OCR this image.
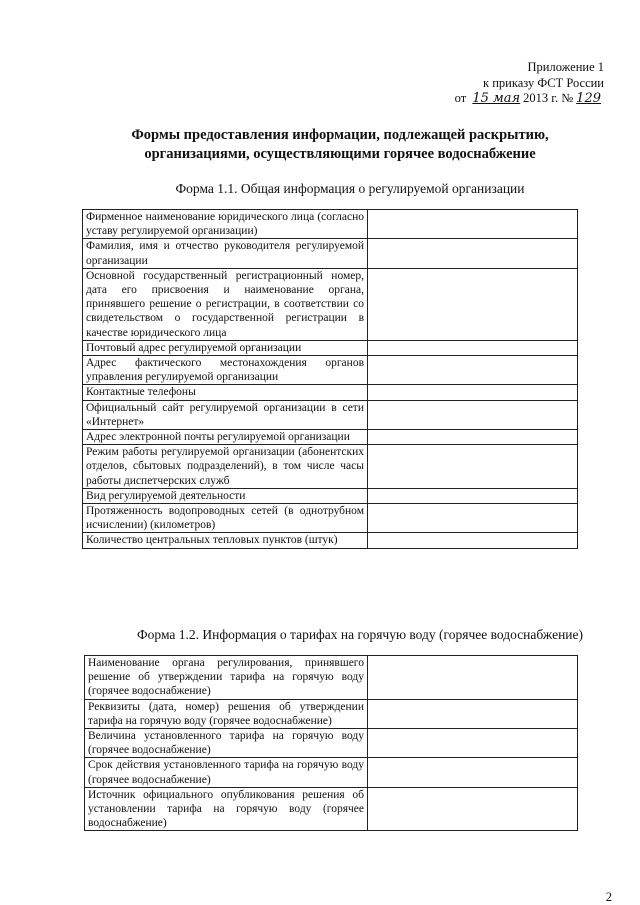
Приложение 1
к приказу ФСТ России
от 15 мая 2013 г. № 129
Формы предоставления информации, подлежащей раскрытию, организациями, осуществляющими горячее водоснабжение
Форма 1.1. Общая информация о регулируемой организации
Фирменное наименование юридического лица (согласно уставу регулируемой организации)	
Фамилия, имя и отчество руководителя регулируемой организации	
Основной государственный регистрационный номер, дата его присвоения и наименование органа, принявшего решение о регистрации, в соответствии со свидетельством о государственной регистрации в качестве юридического лица	
Почтовый адрес регулируемой организации	
Адрес фактического местонахождения органов управления регулируемой организации	
Контактные телефоны	
Официальный сайт регулируемой организации в сети «Интернет»	
Адрес электронной почты регулируемой организации	
Режим работы регулируемой организации (абонентских отделов, сбытовых подразделений), в том числе часы работы диспетчерских служб	
Вид регулируемой деятельности	
Протяженность водопроводных сетей (в однотрубном исчислении) (километров)	
Количество центральных тепловых пунктов (штук)	
Форма 1.2. Информация о тарифах на горячую воду (горячее водоснабжение)
Наименование органа регулирования, принявшего решение об утверждении тарифа на горячую воду (горячее водоснабжение)	
Реквизиты (дата, номер) решения об утверждении тарифа на горячую воду (горячее водоснабжение)	
Величина установленного тарифа на горячую воду (горячее водоснабжение)	
Срок действия установленного тарифа на горячую воду (горячее водоснабжение)	
Источник официального опубликования решения об установлении тарифа на горячую воду (горячее водоснабжение)	
2
